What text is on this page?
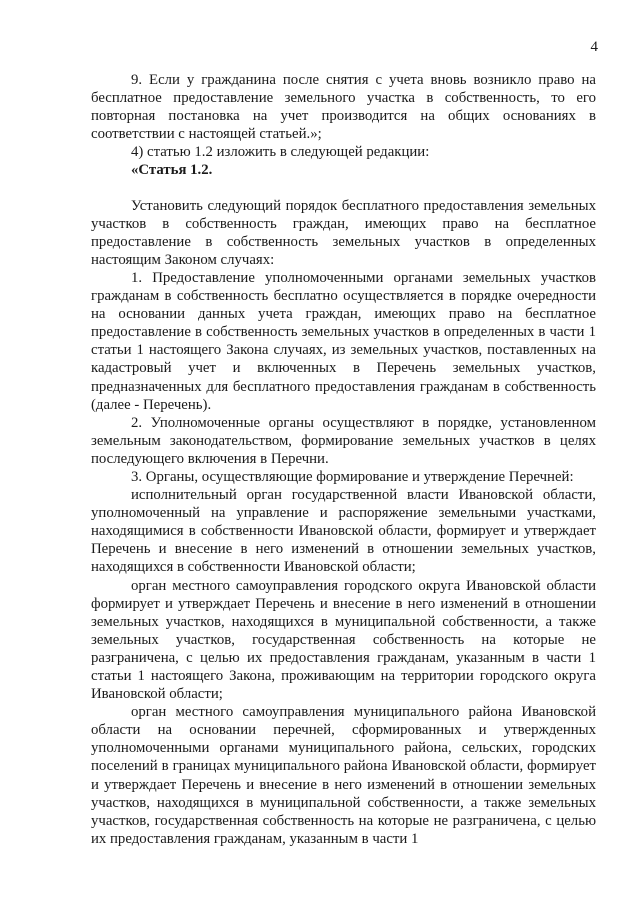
4

9. Если у гражданина после снятия с учета вновь возникло право на бесплатное предоставление земельного участка в собственность, то его повторная постановка на учет производится на общих основаниях в соответствии с настоящей статьей.»;

4) статью 1.2 изложить в следующей редакции:

«Статья 1.2.

Установить следующий порядок бесплатного предоставления земельных участков в собственность граждан, имеющих право на бесплатное предоставление в собственность земельных участков в определенных настоящим Законом случаях:

1. Предоставление уполномоченными органами земельных участков гражданам в собственность бесплатно осуществляется в порядке очередности на основании данных учета граждан, имеющих право на бесплатное предоставление в собственность земельных участков в определенных в части 1 статьи 1 настоящего Закона случаях, из земельных участков, поставленных на кадастровый учет и включенных в Перечень земельных участков, предназначенных для бесплатного предоставления гражданам в собственность (далее - Перечень).

2. Уполномоченные органы осуществляют в порядке, установленном земельным законодательством, формирование земельных участков в целях последующего включения в Перечни.

3. Органы, осуществляющие формирование и утверждение Перечней:

исполнительный орган государственной власти Ивановской области, уполномоченный на управление и распоряжение земельными участками, находящимися в собственности Ивановской области, формирует и утверждает Перечень и внесение в него изменений в отношении земельных участков, находящихся в собственности Ивановской области;

орган местного самоуправления городского округа Ивановской области формирует и утверждает Перечень и внесение в него изменений в отношении земельных участков, находящихся в муниципальной собственности, а также земельных участков, государственная собственность на которые не разграничена, с целью их предоставления гражданам, указанным в части 1 статьи 1 настоящего Закона, проживающим на территории городского округа Ивановской области;

орган местного самоуправления муниципального района Ивановской области на основании перечней, сформированных и утвержденных уполномоченными органами муниципального района, сельских, городских поселений в границах муниципального района Ивановской области, формирует и утверждает Перечень и внесение в него изменений в отношении земельных участков, находящихся в муниципальной собственности, а также земельных участков, государственная собственность на которые не разграничена, с целью их предоставления гражданам, указанным в части 1
